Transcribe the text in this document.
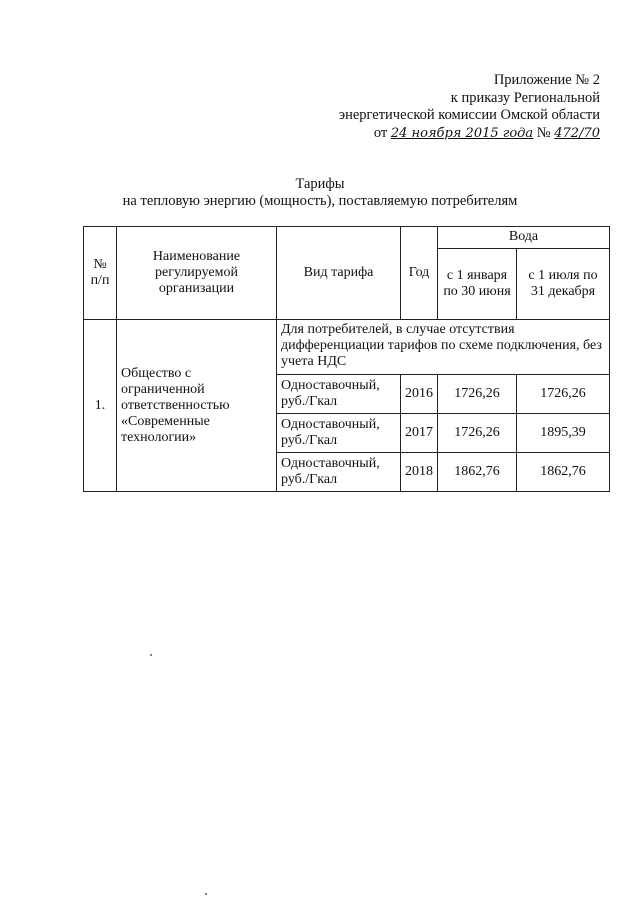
Приложение № 2
к приказу Региональной
энергетической комиссии Омской области
от 24 ноября 2015 года № 472/70
Тарифы
на тепловую энергию (мощность), поставляемую потребителям
№ п/п	Наименование регулируемой организации	Вид тарифа	Год	Вода	
				с 1 января по 30 июня	с 1 июля по 31 декабря
1.	Общество с ограниченной ответственностью «Современные технологии»	Для потребителей, в случае отсутствия дифференциации тарифов по схеме подключения, без учета НДС			
		Одноставочный, руб./Гкал	2016	1726,26	1726,26
		Одноставочный, руб./Гкал	2017	1726,26	1895,39
		Одноставочный, руб./Гкал	2018	1862,76	1862,76
